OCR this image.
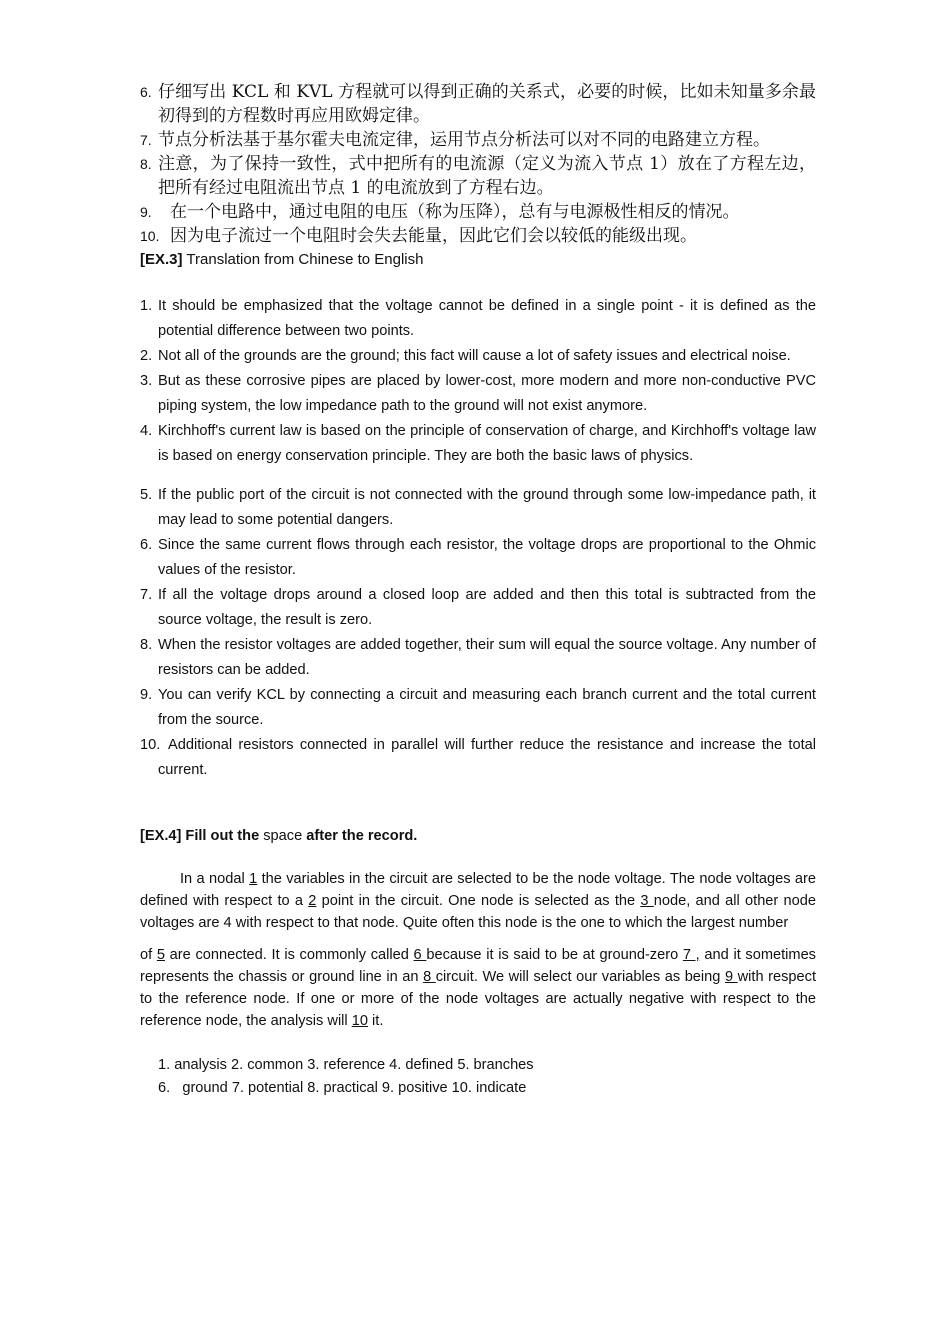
6. 仔细写出 KCL 和 KVL 方程就可以得到正确的关系式，必要的时候，比如未知量多余最初得到的方程数时再应用欧姆定律。
7. 节点分析法基于基尔霍夫电流定律，运用节点分析法可以对不同的电路建立方程。
8. 注意，为了保持一致性，式中把所有的电流源（定义为流入节点 1）放在了方程左边，把所有经过电阻流出节点 1 的电流放到了方程右边。
9. 在一个电路中，通过电阻的电压（称为压降），总有与电源极性相反的情况。
10. 因为电子流过一个电阻时会失去能量，因此它们会以较低的能级出现。

[EX.3] Translation from Chinese to English

1. It should be emphasized that the voltage cannot be defined in a single point - it is defined as the potential difference between two points.
2. Not all of the grounds are the ground; this fact will cause a lot of safety issues and electrical noise.
3. But as these corrosive pipes are placed by lower-cost, more modern and more non-conductive PVC piping system, the low impedance path to the ground will not exist anymore.
4. Kirchhoff's current law is based on the principle of conservation of charge, and Kirchhoff's voltage law is based on energy conservation principle. They are both the basic laws of physics.
5. If the public port of the circuit is not connected with the ground through some low-impedance path, it may lead to some potential dangers.
6. Since the same current flows through each resistor, the voltage drops are proportional to the Ohmic values of the resistor.
7. If all the voltage drops around a closed loop are added and then this total is subtracted from the source voltage, the result is zero.
8. When the resistor voltages are added together, their sum will equal the source voltage. Any number of resistors can be added.
9. You can verify KCL by connecting a circuit and measuring each branch current and the total current from the source.
10. Additional resistors connected in parallel will further reduce the resistance and increase the total current.

[EX.4] Fill out the space after the record.

In a nodal 1 the variables in the circuit are selected to be the node voltage. The node voltages are defined with respect to a 2 point in the circuit. One node is selected as the 3 node, and all other node voltages are 4 with respect to that node. Quite often this node is the one to which the largest number

of 5 are connected. It is commonly called 6 because it is said to be at ground-zero 7 , and it sometimes represents the chassis or ground line in an 8 circuit. We will select our variables as being 9 with respect to the reference node. If one or more of the node voltages are actually negative with respect to the reference node, the analysis will 10 it.

1. analysis 2. common 3. reference 4. defined 5. branches

6.   ground 7. potential 8. practical 9. positive 10. indicate
